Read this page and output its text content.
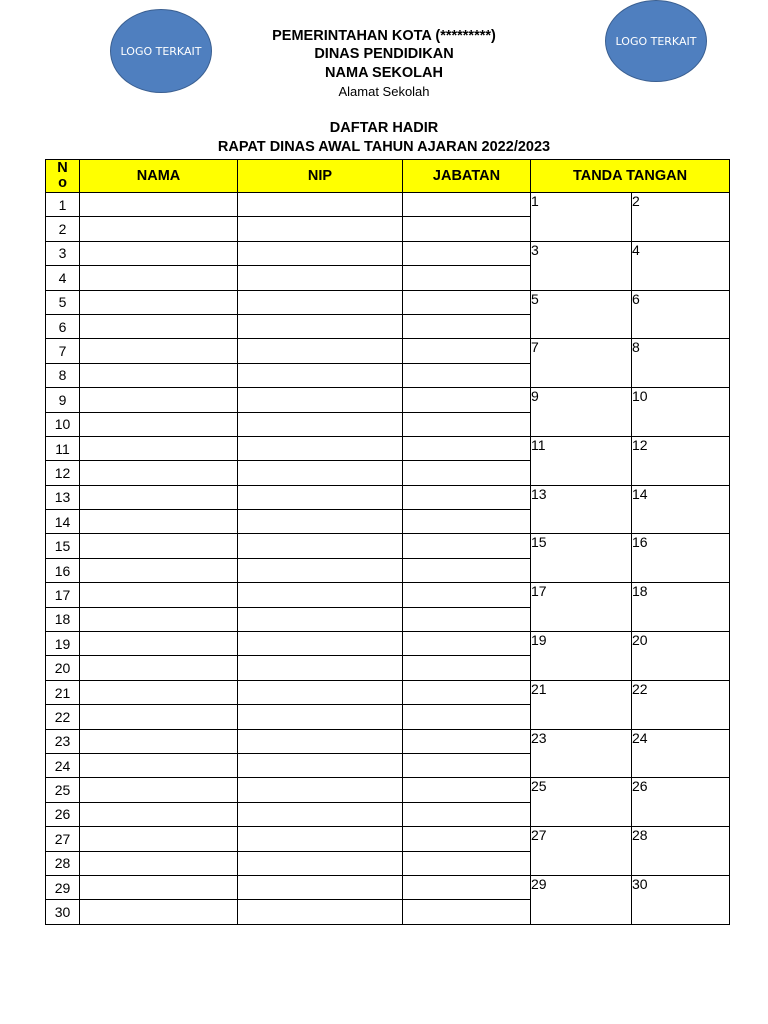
LOGO TERKAIT
LOGO TERKAIT
PEMERINTAHAN KOTA (*********)
DINAS PENDIDIKAN
NAMA SEKOLAH
Alamat Sekolah
DAFTAR HADIR
RAPAT DINAS AWAL TAHUN AJARAN 2022/2023
N
o	NAMA	NIP	JABATAN	TANDA TANGAN	
1				1	2
2					
3				3	4
4					
5				5	6
6					
7				7	8
8					
9				9	10
10					
11				11	12
12					
13				13	14
14					
15				15	16
16					
17				17	18
18					
19				19	20
20					
21				21	22
22					
23				23	24
24					
25				25	26
26					
27				27	28
28					
29				29	30
30					
